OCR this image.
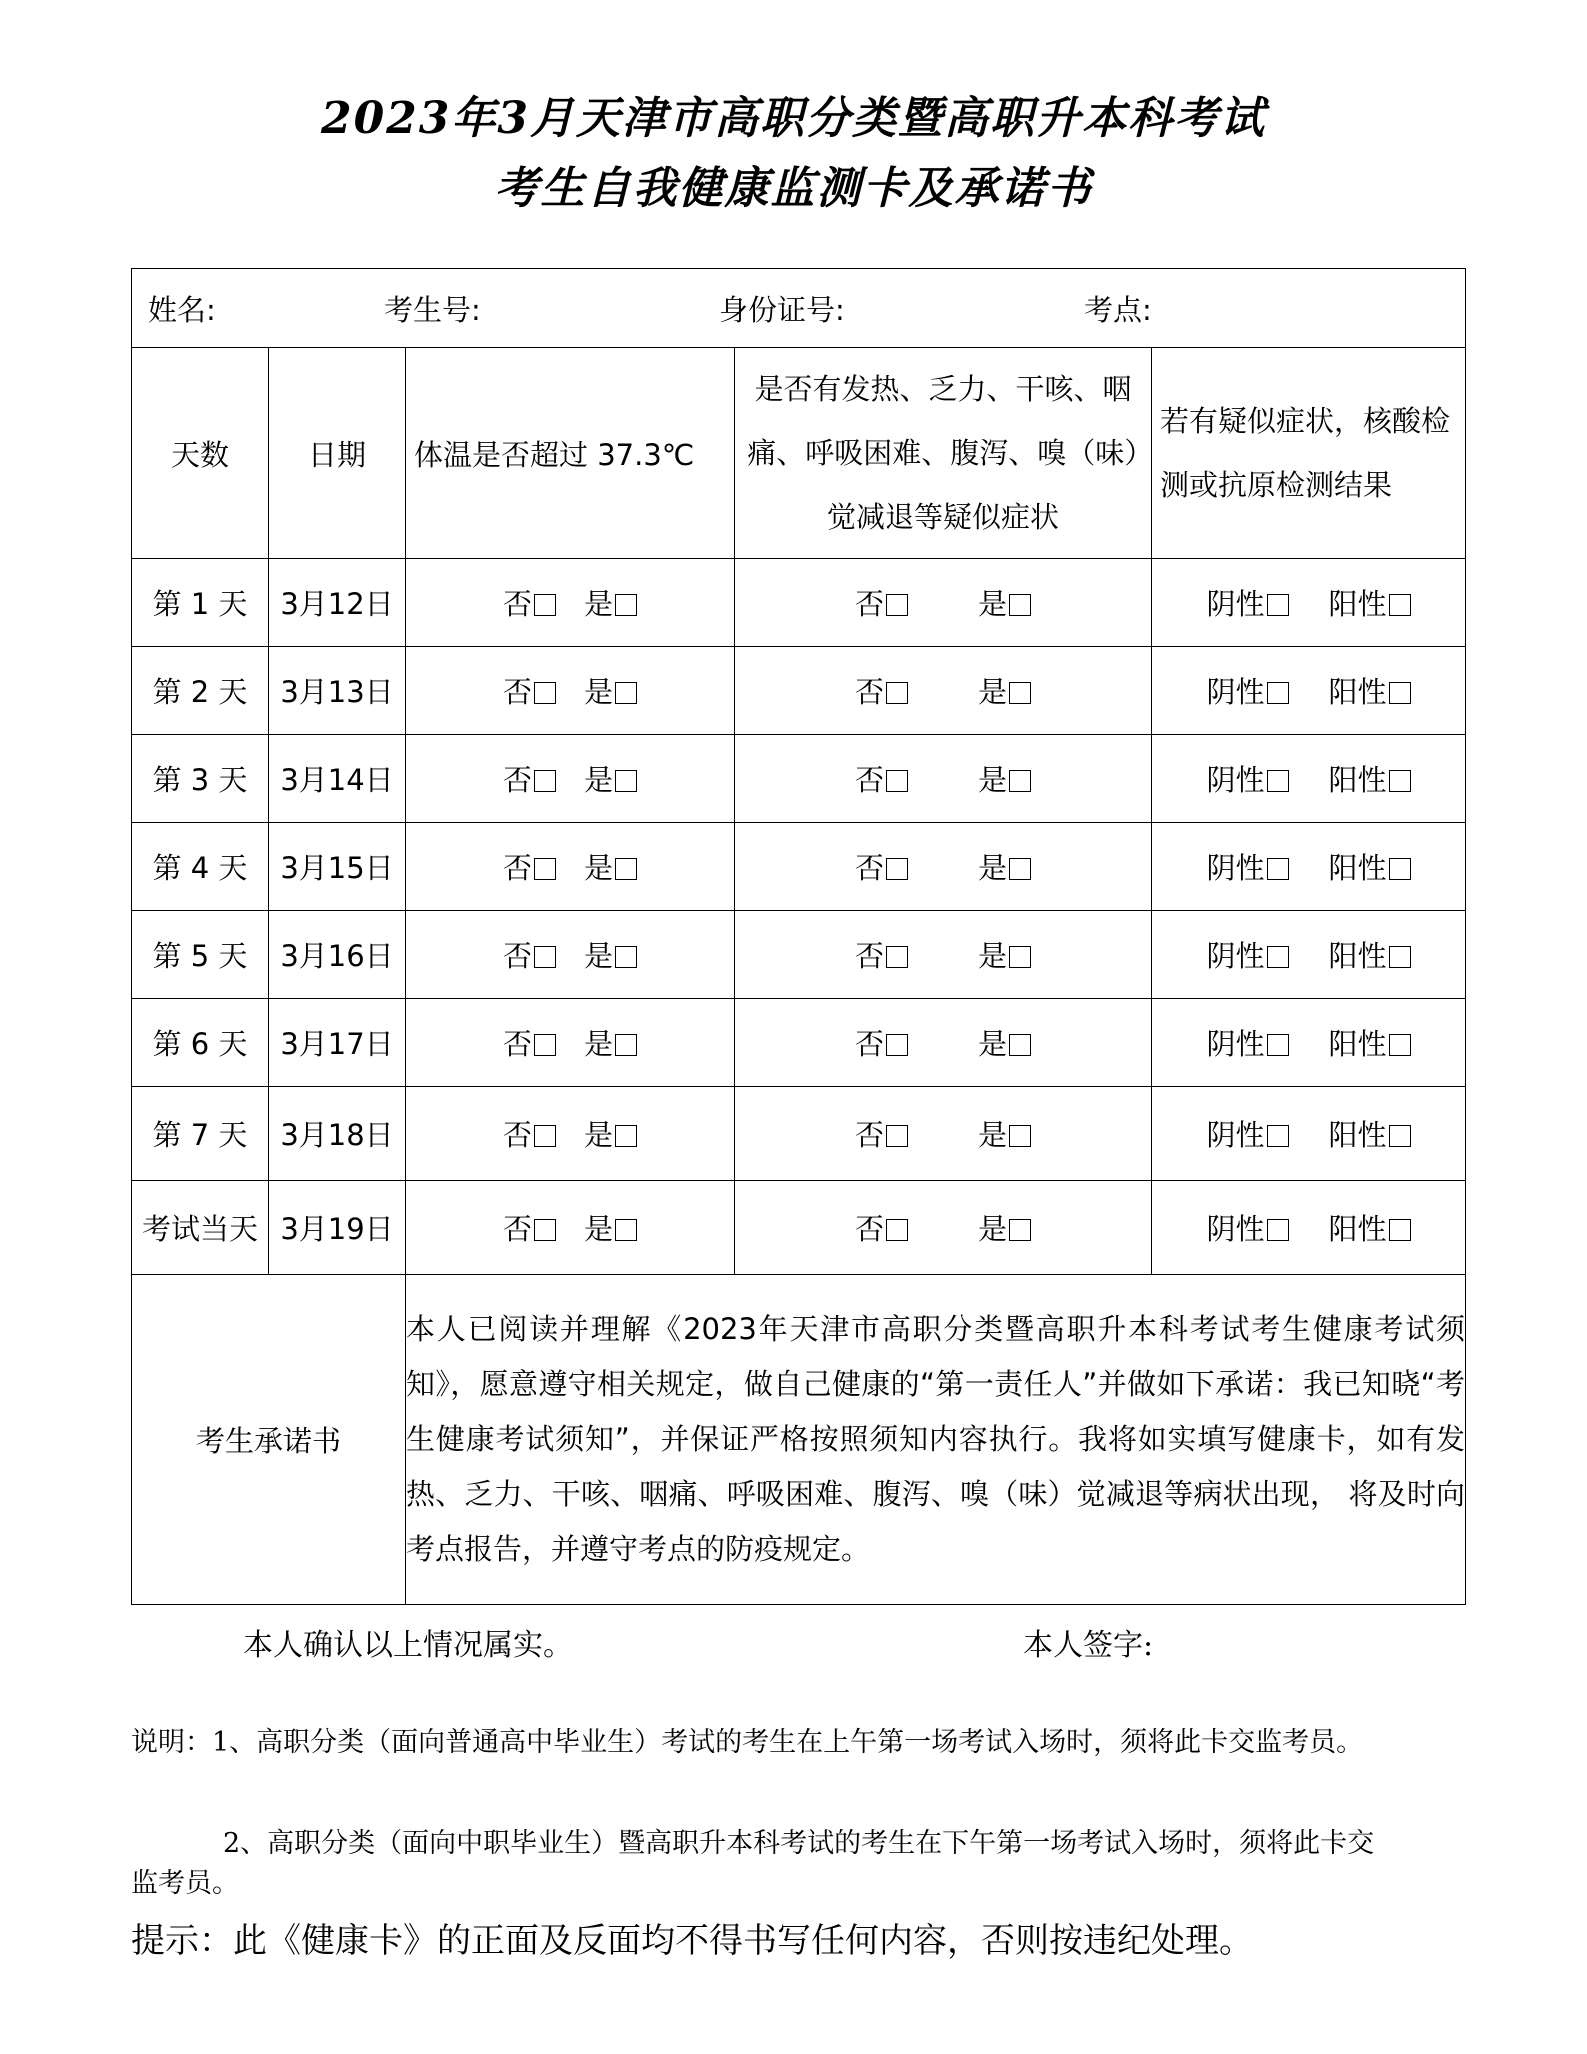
2023年3月天津市高职分类暨高职升本科考试
考生自我健康监测卡及承诺书
姓名: 考生号: 身份证号: 考点:				

天数	日期	体温是否超过 37.3℃	是否有发热、乏力、干咳、咽痛、呼吸困难、腹泻、嗅（味）觉减退等疑似症状	若有疑似症状，核酸检测或抗原检测结果
第 1 天	3月12日	否 是	否 是	阴性 阳性
第 2 天	3月13日	否 是	否 是	阴性 阳性
第 3 天	3月14日	否 是	否 是	阴性 阳性
第 4 天	3月15日	否 是	否 是	阴性 阳性
第 5 天	3月16日	否 是	否 是	阴性 阳性
第 6 天	3月17日	否 是	否 是	阴性 阳性
第 7 天	3月18日	否 是	否 是	阴性 阳性
考试当天	3月19日	否 是	否 是	阴性 阳性
考生承诺书		本人已阅读并理解《2023年天津市高职分类暨高职升本科考试考生健康考试须知》，愿意遵守相关规定，做自己健康的“第一责任人”并做如下承诺：我已知晓“考生健康考试须知”，并保证严格按照须知内容执行。我将如实填写健康卡，如有发热、乏力、干咳、咽痛、呼吸困难、腹泻、嗅（味）觉减退等病状出现， 将及时向考点报告，并遵守考点的防疫规定。		
本人确认以上情况属实。	本人签字:
说明：1、高职分类（面向普通高中毕业生）考试的考生在上午第一场考试入场时，须将此卡交监考员。
2、高职分类（面向中职毕业生）暨高职升本科考试的考生在下午第一场考试入场时，须将此卡交监考员。
提示：此《健康卡》的正面及反面均不得书写任何内容，否则按违纪处理。
